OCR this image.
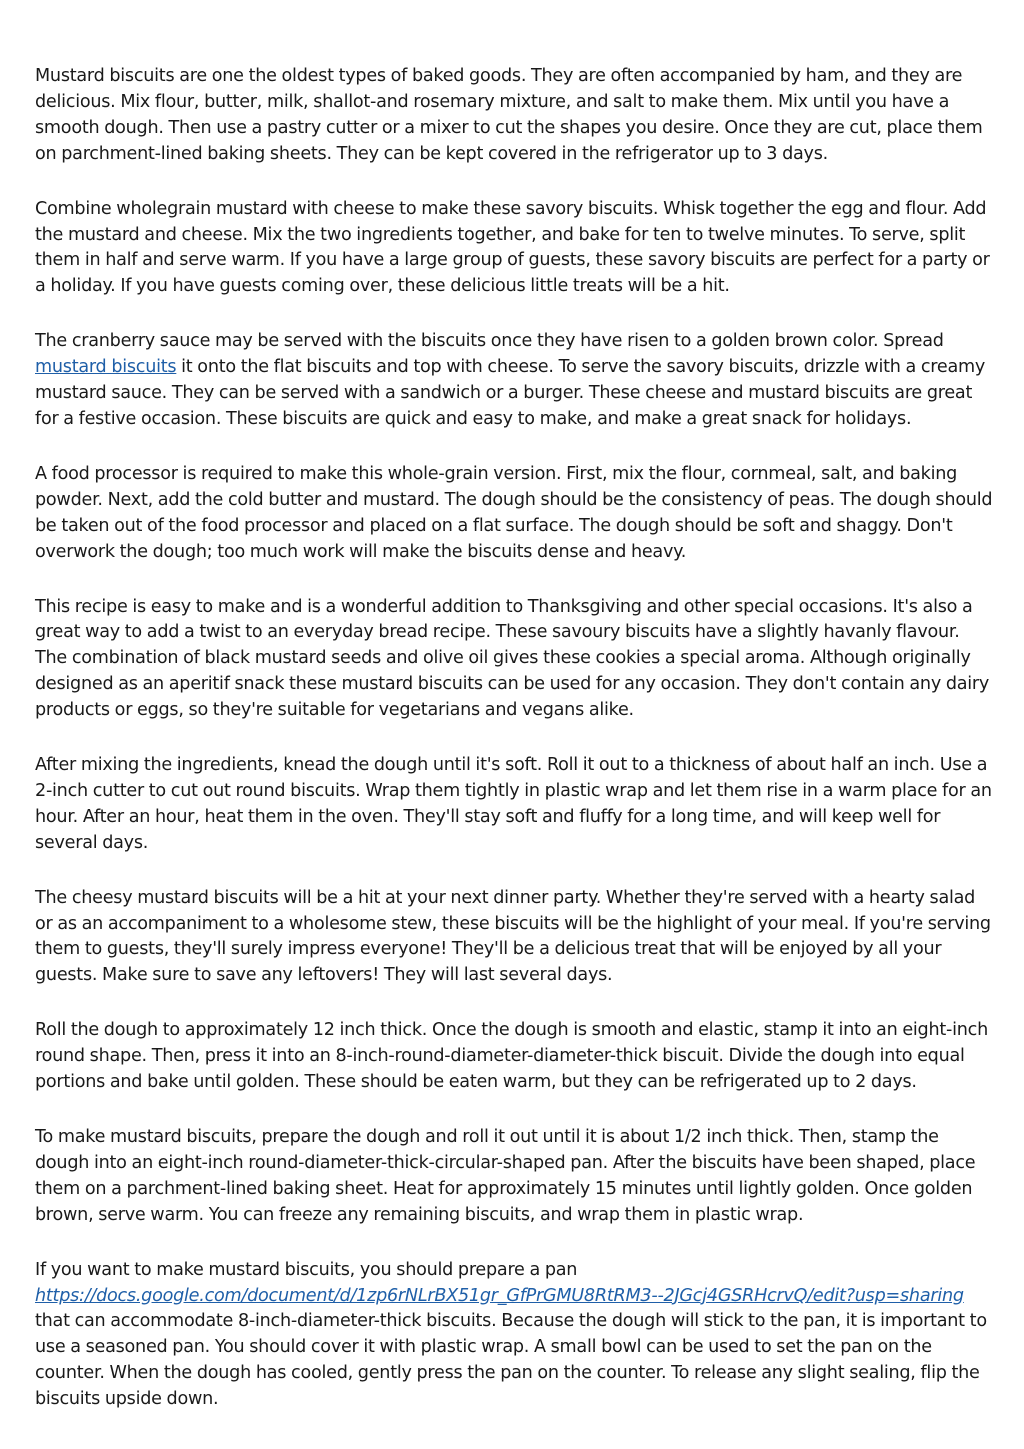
Mustard biscuits are one the oldest types of baked goods. They are often accompanied by ham, and they are delicious. Mix flour, butter, milk, shallot-and rosemary mixture, and salt to make them. Mix until you have a smooth dough. Then use a pastry cutter or a mixer to cut the shapes you desire. Once they are cut, place them on parchment-lined baking sheets. They can be kept covered in the refrigerator up to 3 days.

Combine wholegrain mustard with cheese to make these savory biscuits. Whisk together the egg and flour. Add the mustard and cheese. Mix the two ingredients together, and bake for ten to twelve minutes. To serve, split them in half and serve warm. If you have a large group of guests, these savory biscuits are perfect for a party or a holiday. If you have guests coming over, these delicious little treats will be a hit.

The cranberry sauce may be served with the biscuits once they have risen to a golden brown color. Spread mustard biscuits it onto the flat biscuits and top with cheese. To serve the savory biscuits, drizzle with a creamy mustard sauce. They can be served with a sandwich or a burger. These cheese and mustard biscuits are great for a festive occasion. These biscuits are quick and easy to make, and make a great snack for holidays.

A food processor is required to make this whole-grain version. First, mix the flour, cornmeal, salt, and baking powder. Next, add the cold butter and mustard. The dough should be the consistency of peas. The dough should be taken out of the food processor and placed on a flat surface. The dough should be soft and shaggy. Don't overwork the dough; too much work will make the biscuits dense and heavy.

This recipe is easy to make and is a wonderful addition to Thanksgiving and other special occasions. It's also a great way to add a twist to an everyday bread recipe. These savoury biscuits have a slightly havanly flavour. The combination of black mustard seeds and olive oil gives these cookies a special aroma. Although originally designed as an aperitif snack these mustard biscuits can be used for any occasion. They don't contain any dairy products or eggs, so they're suitable for vegetarians and vegans alike.

After mixing the ingredients, knead the dough until it's soft. Roll it out to a thickness of about half an inch. Use a 2-inch cutter to cut out round biscuits. Wrap them tightly in plastic wrap and let them rise in a warm place for an hour. After an hour, heat them in the oven. They'll stay soft and fluffy for a long time, and will keep well for several days.

The cheesy mustard biscuits will be a hit at your next dinner party. Whether they're served with a hearty salad or as an accompaniment to a wholesome stew, these biscuits will be the highlight of your meal. If you're serving them to guests, they'll surely impress everyone! They'll be a delicious treat that will be enjoyed by all your guests. Make sure to save any leftovers! They will last several days.

Roll the dough to approximately 12 inch thick. Once the dough is smooth and elastic, stamp it into an eight-inch round shape. Then, press it into an 8-inch-round-diameter-diameter-thick biscuit. Divide the dough into equal portions and bake until golden. These should be eaten warm, but they can be refrigerated up to 2 days.

To make mustard biscuits, prepare the dough and roll it out until it is about 1/2 inch thick. Then, stamp the dough into an eight-inch round-diameter-thick-circular-shaped pan. After the biscuits have been shaped, place them on a parchment-lined baking sheet. Heat for approximately 15 minutes until lightly golden. Once golden brown, serve warm. You can freeze any remaining biscuits, and wrap them in plastic wrap.

If you want to make mustard biscuits, you should prepare a pan https://docs.google.com/document/d/1zp6rNLrBX51gr_GfPrGMU8RtRM3--2JGcj4GSRHcrvQ/edit?usp=sharing that can accommodate 8-inch-diameter-thick biscuits. Because the dough will stick to the pan, it is important to use a seasoned pan. You should cover it with plastic wrap. A small bowl can be used to set the pan on the counter. When the dough has cooled, gently press the pan on the counter. To release any slight sealing, flip the biscuits upside down.
